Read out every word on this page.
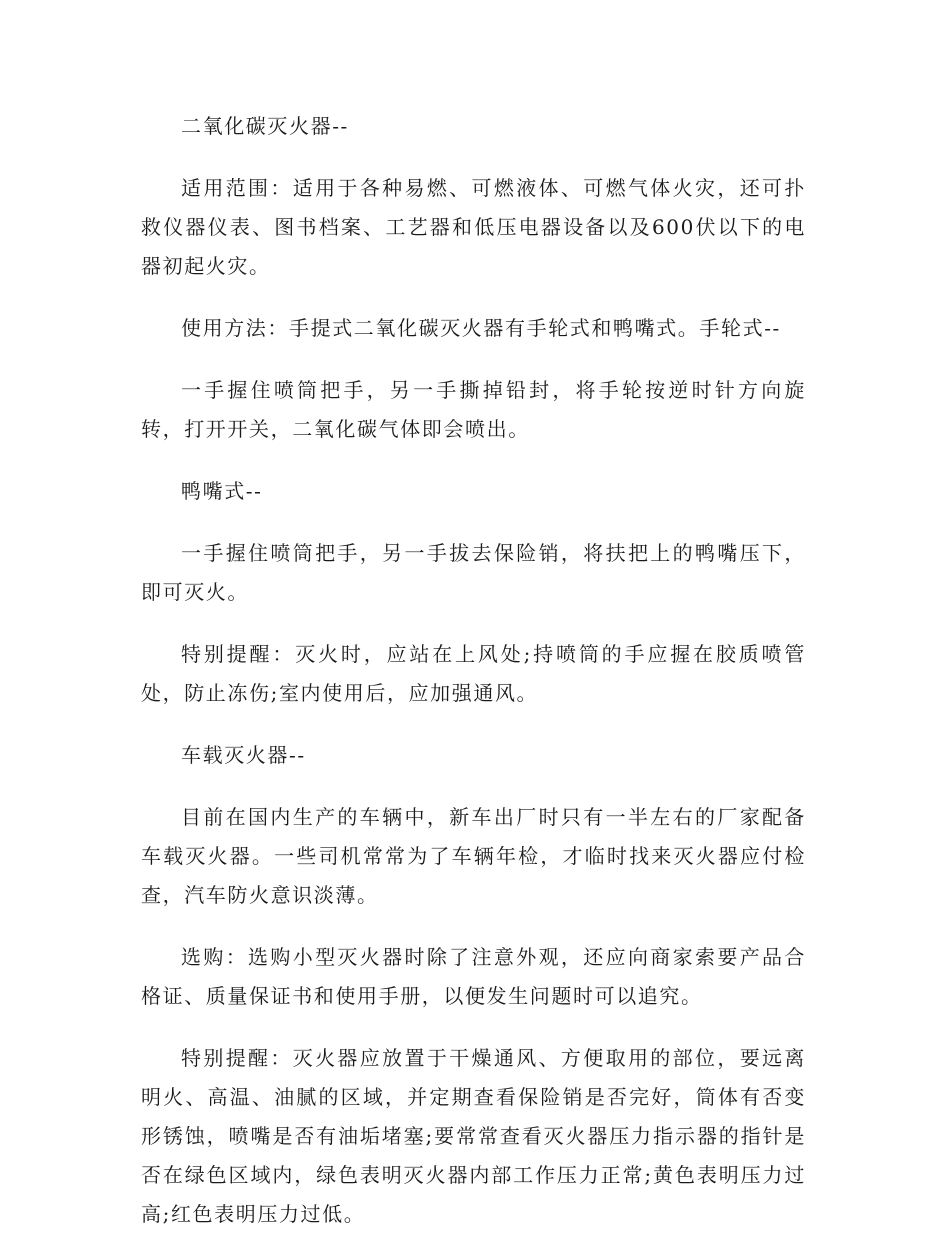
二氧化碳灭火器--

适用范围：适用于各种易燃、可燃液体、可燃气体火灾，还可扑救仪器仪表、图书档案、工艺器和低压电器设备以及600伏以下的电器初起火灾。

使用方法：手提式二氧化碳灭火器有手轮式和鸭嘴式。手轮式--

一手握住喷筒把手，另一手撕掉铅封，将手轮按逆时针方向旋转，打开开关，二氧化碳气体即会喷出。

鸭嘴式--

一手握住喷筒把手，另一手拔去保险销，将扶把上的鸭嘴压下，即可灭火。

特别提醒：灭火时，应站在上风处;持喷筒的手应握在胶质喷管处，防止冻伤;室内使用后，应加强通风。

车载灭火器--

目前在国内生产的车辆中，新车出厂时只有一半左右的厂家配备车载灭火器。一些司机常常为了车辆年检，才临时找来灭火器应付检查，汽车防火意识淡薄。

选购：选购小型灭火器时除了注意外观，还应向商家索要产品合格证、质量保证书和使用手册，以便发生问题时可以追究。

特别提醒：灭火器应放置于干燥通风、方便取用的部位，要远离明火、高温、油腻的区域，并定期查看保险销是否完好，筒体有否变形锈蚀，喷嘴是否有油垢堵塞;要常常查看灭火器压力指示器的指针是否在绿色区域内，绿色表明灭火器内部工作压力正常;黄色表明压力过高;红色表明压力过低。
